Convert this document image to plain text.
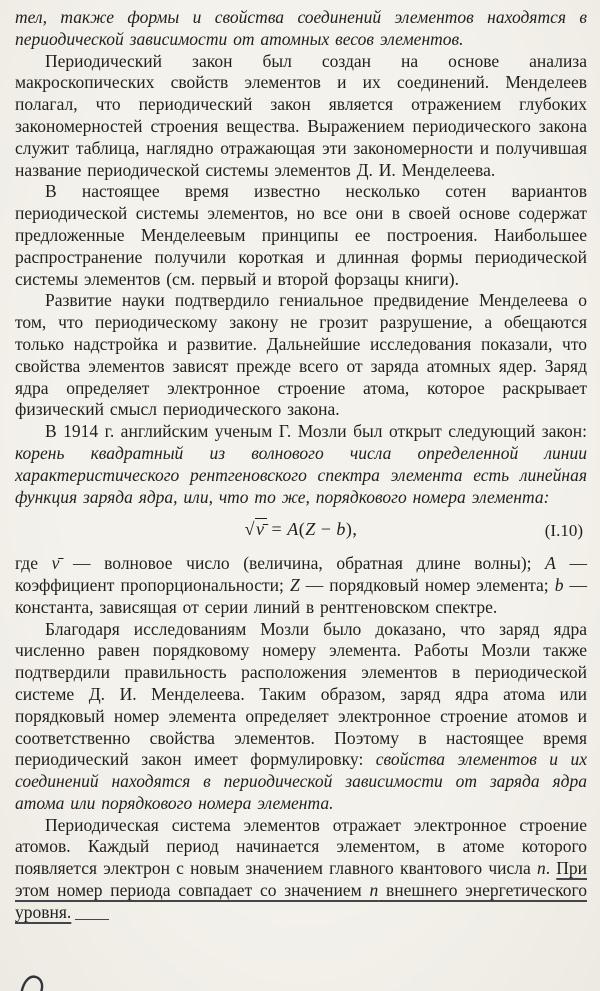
тел, также формы и свойства соединений элементов находятся в периодической зависимости от атомных весов элементов.

Периодический закон был создан на основе анализа макроскопических свойств элементов и их соединений. Менделеев полагал, что периодический закон является отражением глубоких закономерностей строения вещества. Выражением периодического закона служит таблица, наглядно отражающая эти закономерности и получившая название периодической системы элементов Д. И. Менделеева.

В настоящее время известно несколько сотен вариантов периодической системы элементов, но все они в своей основе содержат предложенные Менделеевым принципы ее построения. Наибольшее распространение получили короткая и длинная формы периодической системы элементов (см. первый и второй форзацы книги).

Развитие науки подтвердило гениальное предвидение Менделеева о том, что периодическому закону не грозит разрушение, а обещаются только надстройка и развитие. Дальнейшие исследования показали, что свойства элементов зависят прежде всего от заряда атомных ядер. Заряд ядра определяет электронное строение атома, которое раскрывает физический смысл периодического закона.

В 1914 г. английским ученым Г. Мозли был открыт следующий закон: корень квадратный из волнового числа определенной линии характеристического рентгеновского спектра элемента есть линейная функция заряда ядра, или, что то же, порядкового номера элемента:

√ν̄ = A(Z − b),	(I.10)

где ν̄ — волновое число (величина, обратная длине волны); A — коэффициент пропорциональности; Z — порядковый номер элемента; b — константа, зависящая от серии линий в рентгеновском спектре.

Благодаря исследованиям Мозли было доказано, что заряд ядра численно равен порядковому номеру элемента. Работы Мозли также подтвердили правильность расположения элементов в периодической системе Д. И. Менделеева. Таким образом, заряд ядра атома или порядковый номер элемента определяет электронное строение атомов и соответственно свойства элементов. Поэтому в настоящее время периодический закон имеет формулировку: свойства элементов и их соединений находятся в периодической зависимости от заряда ядра атома или порядкового номера элемента.

Периодическая система элементов отражает электронное строение атомов. Каждый период начинается элементом, в атоме которого появляется электрон с новым значением главного квантового числа n. При этом номер периода совпадает со значением n внешнего энергетического уровня.
